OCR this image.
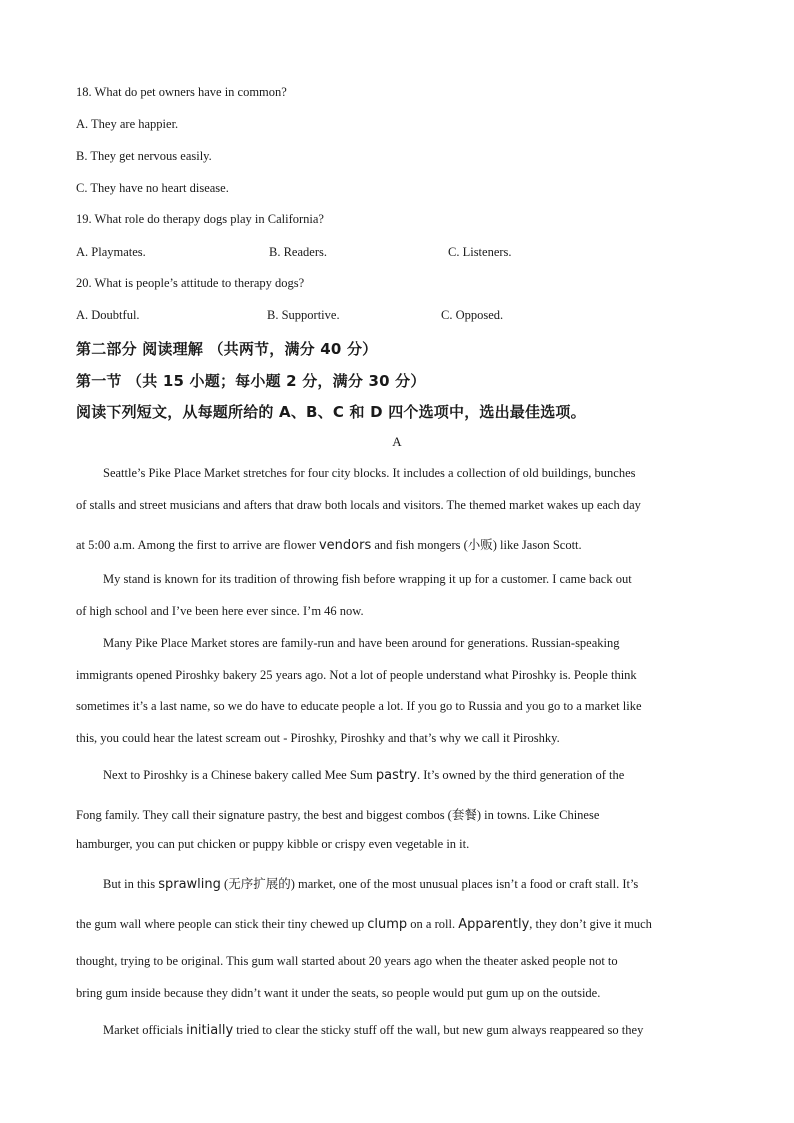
18. What do pet owners have in common?
A. They are happier.
B. They get nervous easily.
C. They have no heart disease.
19. What role do therapy dogs play in California?
A. Playmates.	B. Readers.	C. Listeners.
20. What is people’s attitude to therapy dogs?
A. Doubtful.	B. Supportive.	C. Opposed.
第二部分 阅读理解 （共两节，满分 40 分）
第一节 （共 15 小题；每小题 2 分，满分 30 分）
阅读下列短文，从每题所给的 A、B、C 和 D 四个选项中，选出最佳选项。
A
Seattle’s Pike Place Market stretches for four city blocks. It includes a collection of old buildings, bunches
of stalls and street musicians and afters that draw both locals and visitors. The themed market wakes up each day
at 5:00 a.m. Among the first to arrive are flower vendors and fish mongers (小贩) like Jason Scott.
My stand is known for its tradition of throwing fish before wrapping it up for a customer. I came back out
of high school and I’ve been here ever since. I’m 46 now.
Many Pike Place Market stores are family-run and have been around for generations. Russian-speaking
immigrants opened Piroshky bakery 25 years ago. Not a lot of people understand what Piroshky is. People think
sometimes it’s a last name, so we do have to educate people a lot. If you go to Russia and you go to a market like
this, you could hear the latest scream out - Piroshky, Piroshky and that’s why we call it Piroshky.
Next to Piroshky is a Chinese bakery called Mee Sum pastry. It’s owned by the third generation of the
Fong family. They call their signature pastry, the best and biggest combos (套餐) in towns. Like Chinese
hamburger, you can put chicken or puppy kibble or crispy even vegetable in it.
But in this sprawling (无序扩展的) market, one of the most unusual places isn’t a food or craft stall. It’s
the gum wall where people can stick their tiny chewed up clump on a roll. Apparently, they don’t give it much
thought, trying to be original. This gum wall started about 20 years ago when the theater asked people not to
bring gum inside because they didn’t want it under the seats, so people would put gum up on the outside.
Market officials initially tried to clear the sticky stuff off the wall, but new gum always reappeared so they
